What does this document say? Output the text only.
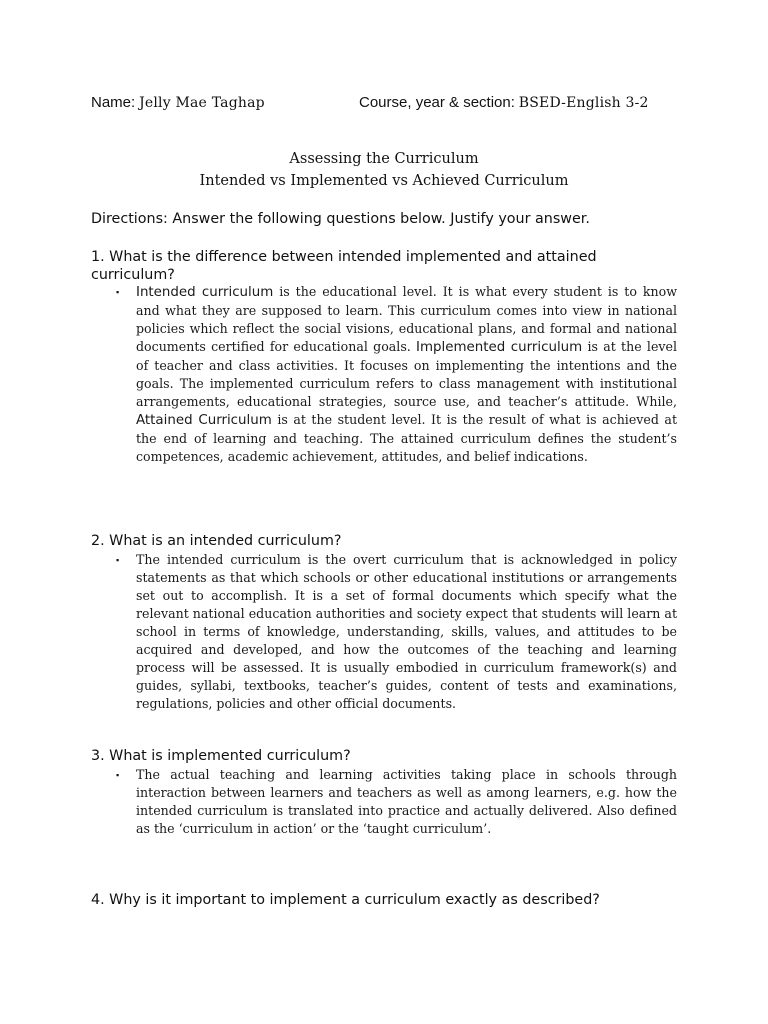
Name: Jelly Mae Taghap	Course, year & section: BSED-English 3-2
Assessing the Curriculum
Intended vs Implemented vs Achieved Curriculum
Directions: Answer the following questions below. Justify your answer.
1. What is the difference between intended implemented and attained curriculum?
▪	Intended curriculum is the educational level. It is what every student is to know and what they are supposed to learn. This curriculum comes into view in national policies which reflect the social visions, educational plans, and formal and national documents certified for educational goals. Implemented curriculum is at the level of teacher and class activities. It focuses on implementing the intentions and the goals. The implemented curriculum refers to class management with institutional arrangements, educational strategies, source use, and teacher’s attitude. While, Attained Curriculum is at the student level. It is the result of what is achieved at the end of learning and teaching. The attained curriculum defines the student’s competences, academic achievement, attitudes, and belief indications.
2. What is an intended curriculum?
▪	The intended curriculum is the overt curriculum that is acknowledged in policy statements as that which schools or other educational institutions or arrangements set out to accomplish. It is a set of formal documents which specify what the relevant national education authorities and society expect that students will learn at school in terms of knowledge, understanding, skills, values, and attitudes to be acquired and developed, and how the outcomes of the teaching and learning process will be assessed. It is usually embodied in curriculum framework(s) and guides, syllabi, textbooks, teacher’s guides, content of tests and examinations, regulations, policies and other official documents.
3. What is implemented curriculum?
▪	The actual teaching and learning activities taking place in schools through interaction between learners and teachers as well as among learners, e.g. how the intended curriculum is translated into practice and actually delivered. Also defined as the ‘curriculum in action’ or the ‘taught curriculum’.
4. Why is it important to implement a curriculum exactly as described?
